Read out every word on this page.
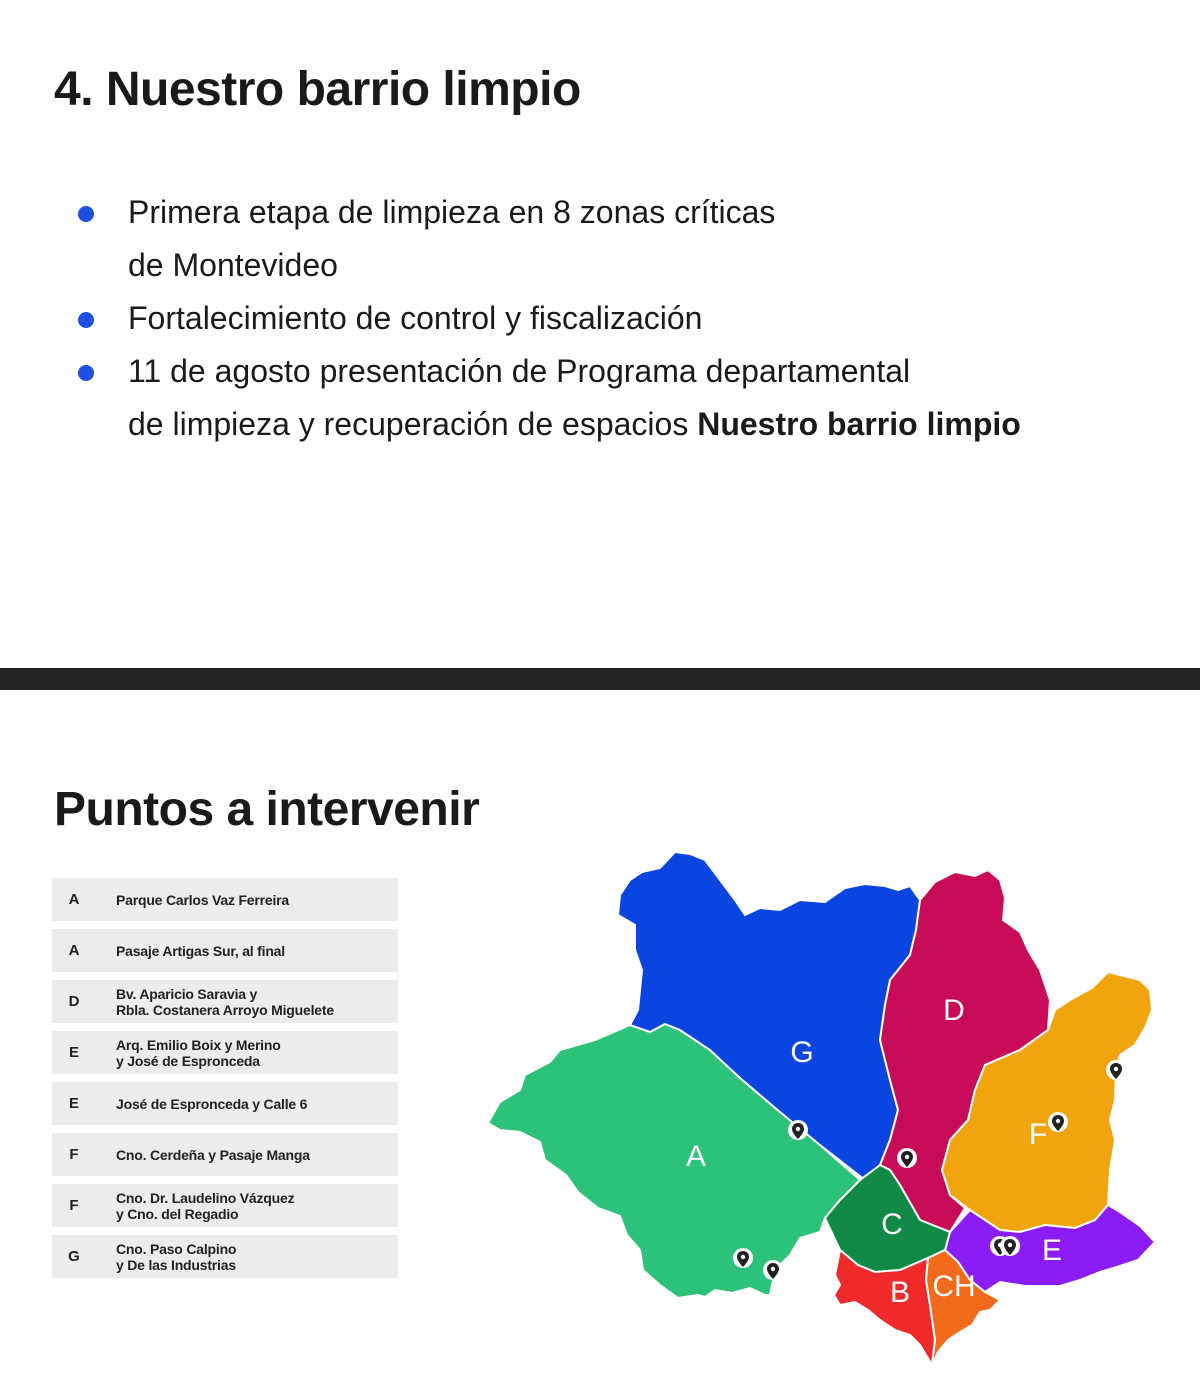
4. Nuestro barrio limpio
Primera etapa de limpieza en 8 zonas críticas
de Montevideo
Fortalecimiento de control y fiscalización
11 de agosto presentación de Programa departamental
de limpieza y recuperación de espacios Nuestro barrio limpio
Puntos a intervenir
A	Parque Carlos Vaz Ferreira
A	Pasaje Artigas Sur, al final
D	Bv. Aparicio Saravia y
Rbla. Costanera Arroyo Miguelete
E	Arq. Emilio Boix y Merino
y José de Espronceda
E	José de Espronceda y Calle 6
F	Cno. Cerdeña y Pasaje Manga
F	Cno. Dr. Laudelino Vázquez
y Cno. del Regadio
G	Cno. Paso Calpino
y De las Industrias
A
G
D
F
E
C
B CH
